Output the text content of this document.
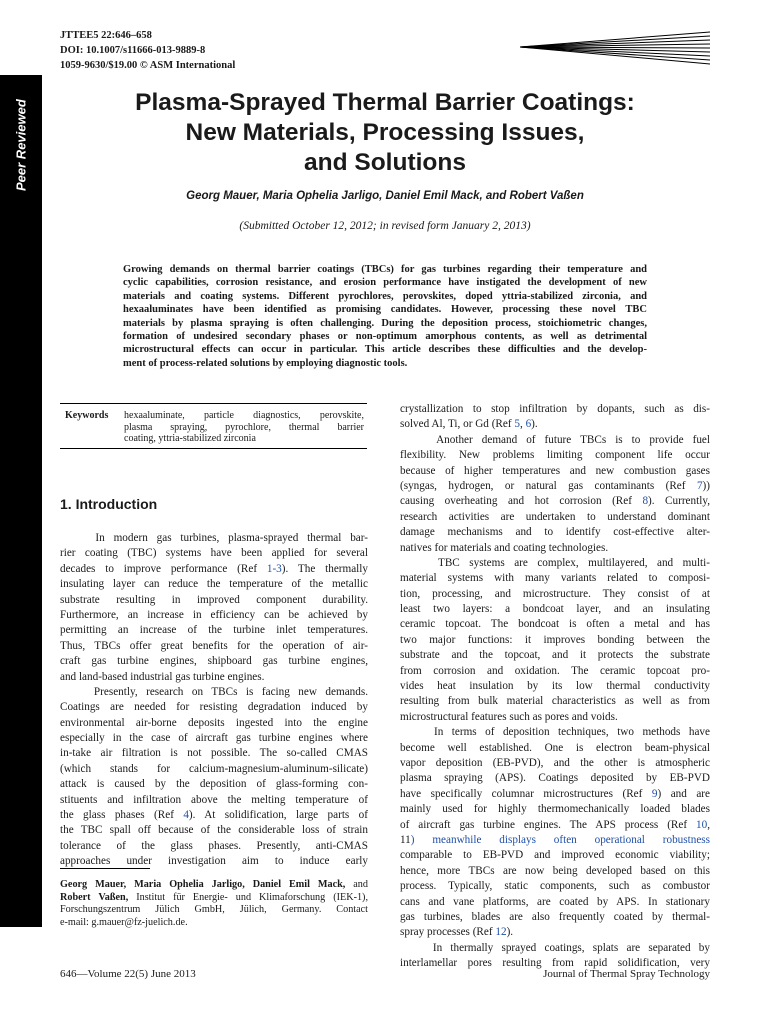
JTTEE5 22:646–658
DOI: 10.1007/s11666-013-9889-8
1059-9630/$19.00 © ASM International
Peer Reviewed	Plasma-Sprayed Thermal Barrier Coatings:
New Materials, Processing Issues,
and Solutions
Georg Mauer, Maria Ophelia Jarligo, Daniel Emil Mack, and Robert Vaßen
(Submitted October 12, 2012; in revised form January 2, 2013)
Growing demands on thermal barrier coatings (TBCs) for gas turbines regarding their temperature and
cyclic capabilities, corrosion resistance, and erosion performance have instigated the development of new
materials and coating systems. Different pyrochlores, perovskites, doped yttria-stabilized zirconia, and
hexaaluminates have been identified as promising candidates. However, processing these novel TBC
materials by plasma spraying is often challenging. During the deposition process, stoichiometric changes,
formation of undesired secondary phases or non-optimum amorphous contents, as well as detrimental
microstructural effects can occur in particular. This article describes these difficulties and the develop-
ment of process-related solutions by employing diagnostic tools.
Keywords hexaaluminate, particle diagnostics, perovskite,
plasma spraying, pyrochlore, thermal barrier
coating, yttria-stabilized zirconia
1. Introduction
In modern gas turbines, plasma-sprayed thermal bar-
rier coating (TBC) systems have been applied for several
decades to improve performance (Ref 1-3). The thermally
insulating layer can reduce the temperature of the metallic
substrate resulting in improved component durability.
Furthermore, an increase in efficiency can be achieved by
permitting an increase of the turbine inlet temperatures.
Thus, TBCs offer great benefits for the operation of air-
craft gas turbine engines, shipboard gas turbine engines,
and land-based industrial gas turbine engines.
Presently, research on TBCs is facing new demands.
Coatings are needed for resisting degradation induced by
environmental air-borne deposits ingested into the engine
especially in the case of aircraft gas turbine engines where
in-take air filtration is not possible. The so-called CMAS
(which stands for calcium-magnesium-aluminum-silicate)
attack is caused by the deposition of glass-forming con-
stituents and infiltration above the melting temperature of
the glass phases (Ref 4). At solidification, large parts of
the TBC spall off because of the considerable loss of strain
tolerance of the glass phases. Presently, anti-CMAS
approaches under investigation aim to induce early
crystallization to stop infiltration by dopants, such as dis-
solved Al, Ti, or Gd (Ref 5, 6).
Another demand of future TBCs is to provide fuel
flexibility. New problems limiting component life occur
because of higher temperatures and new combustion gases
(syngas, hydrogen, or natural gas contaminants (Ref 7))
causing overheating and hot corrosion (Ref 8). Currently,
research activities are undertaken to understand dominant
damage mechanisms and to identify cost-effective alter-
natives for materials and coating technologies.
TBC systems are complex, multilayered, and multi-
material systems with many variants related to composi-
tion, processing, and microstructure. They consist of at
least two layers: a bondcoat layer, and an insulating
ceramic topcoat. The bondcoat is often a metal and has
two major functions: it improves bonding between the
substrate and the topcoat, and it protects the substrate
from corrosion and oxidation. The ceramic topcoat pro-
vides heat insulation by its low thermal conductivity
resulting from bulk material characteristics as well as from
microstructural features such as pores and voids.
In terms of deposition techniques, two methods have
become well established. One is electron beam-physical
vapor deposition (EB-PVD), and the other is atmospheric
plasma spraying (APS). Coatings deposited by EB-PVD
have specifically columnar microstructures (Ref 9) and are
mainly used for highly thermomechanically loaded blades
of aircraft gas turbine engines. The APS process (Ref 10,
11) meanwhile displays often operational robustness
comparable to EB-PVD and improved economic viability;
hence, more TBCs are now being developed based on this
process. Typically, static components, such as combustor
cans and vane platforms, are coated by APS. In stationary
gas turbines, blades are also frequently coated by thermal-
spray processes (Ref 12).
In thermally sprayed coatings, splats are separated by
interlamellar pores resulting from rapid solidification, very
Georg Mauer, Maria Ophelia Jarligo, Daniel Emil Mack, and
Robert Vaßen, Institut für Energie- und Klimaforschung (IEK-1),
Forschungszentrum Jülich GmbH, Jülich, Germany. Contact
e-mail: g.mauer@fz-juelich.de.
646—Volume 22(5) June 2013	Journal of Thermal Spray Technology
